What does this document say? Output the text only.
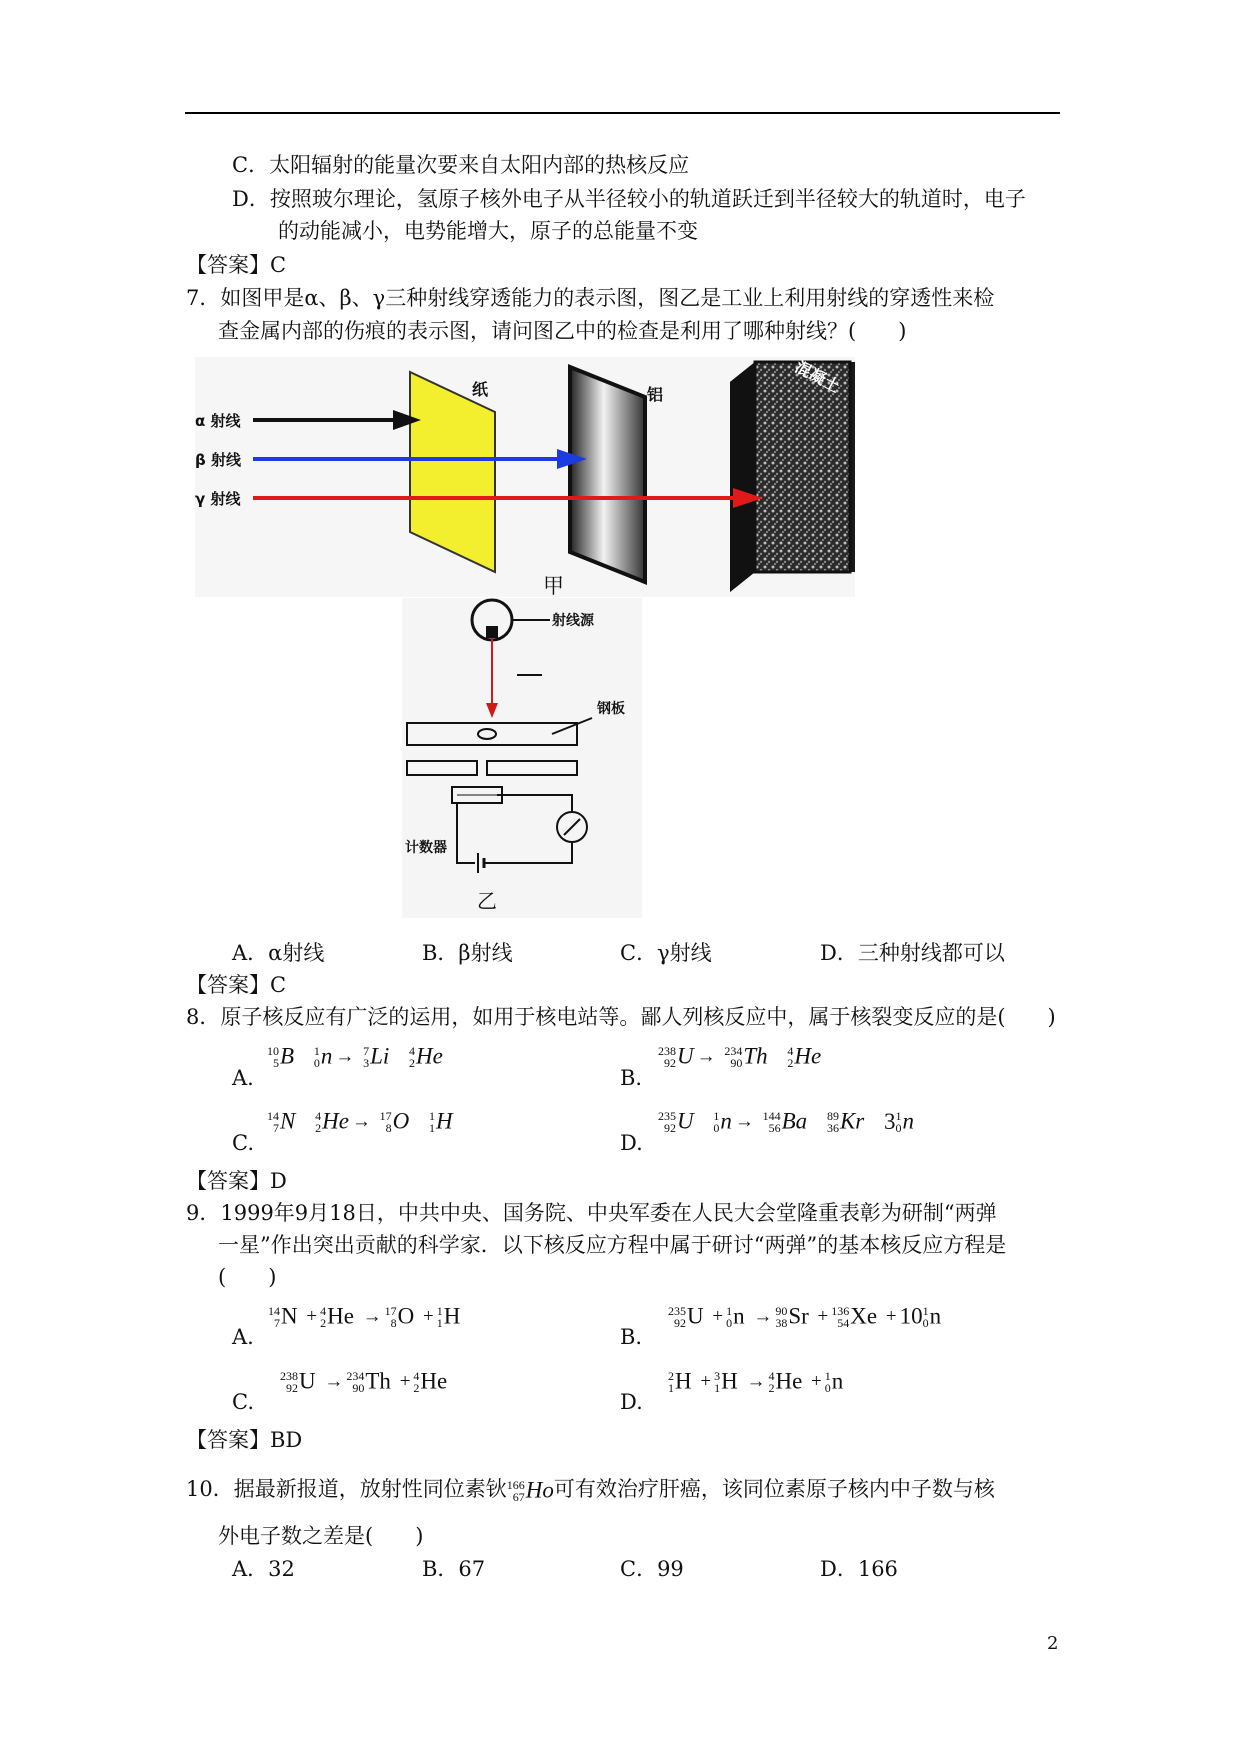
C．太阳辐射的能量次要来自太阳内部的热核反应
D．按照玻尔理论，氢原子核外电子从半径较小的轨道跃迁到半径较大的轨道时，电子
的动能减小，电势能增大，原子的总能量不变
【答案】C
7．如图甲是α、β、γ三种射线穿透能力的表示图，图乙是工业上利用射线的穿透性来检
查金属内部的伤痕的表示图，请问图乙中的检查是利用了哪种射线？(　　)
α 射线
β 射线
γ 射线
纸	铝	混凝土
甲
射线源
钢板
计数器
乙
A．α射线	B．β射线	C．γ射线	D．三种射线都可以
【答案】C
8．原子核反应有广泛的运用，如用于核电站等。鄙人列核反应中，属于核裂变反应的是(　　)
A.
10
5 B 1
0 n → 7
3 Li 4
2 He
B.
238
92 U → 234
90 Th 4
2 He
C.
14
7 N 4
2 He → 17
8 O 1
1 H
D.
235
92 U 1
0 n → 144
56 Ba 89
36 Kr 3 1
0 n
【答案】D
9．1999年9月18日，中共中央、国务院、中央军委在人民大会堂隆重表彰为研制“两弹
一星”作出突出贡献的科学家．以下核反应方程中属于研讨“两弹”的基本核反应方程是
(　　)
A.
14
7 N + 4
2 He → 17
8 O + 1
1 H
B.
235
92 U + 1
0 n → 90
38 Sr + 136
54 Xe + 10 1
0 n
C.
238
92 U → 234
90 Th + 4
2 He
D.
2
1 H + 3
1 H → 4
2 He + 1
0 n
【答案】BD
10．据最新报道，放射性同位素钬 166
67 Ho可有效治疗肝癌，该同位素原子核内中子数与核
外电子数之差是(　　)
A．32	B．67	C．99	D．166
2
